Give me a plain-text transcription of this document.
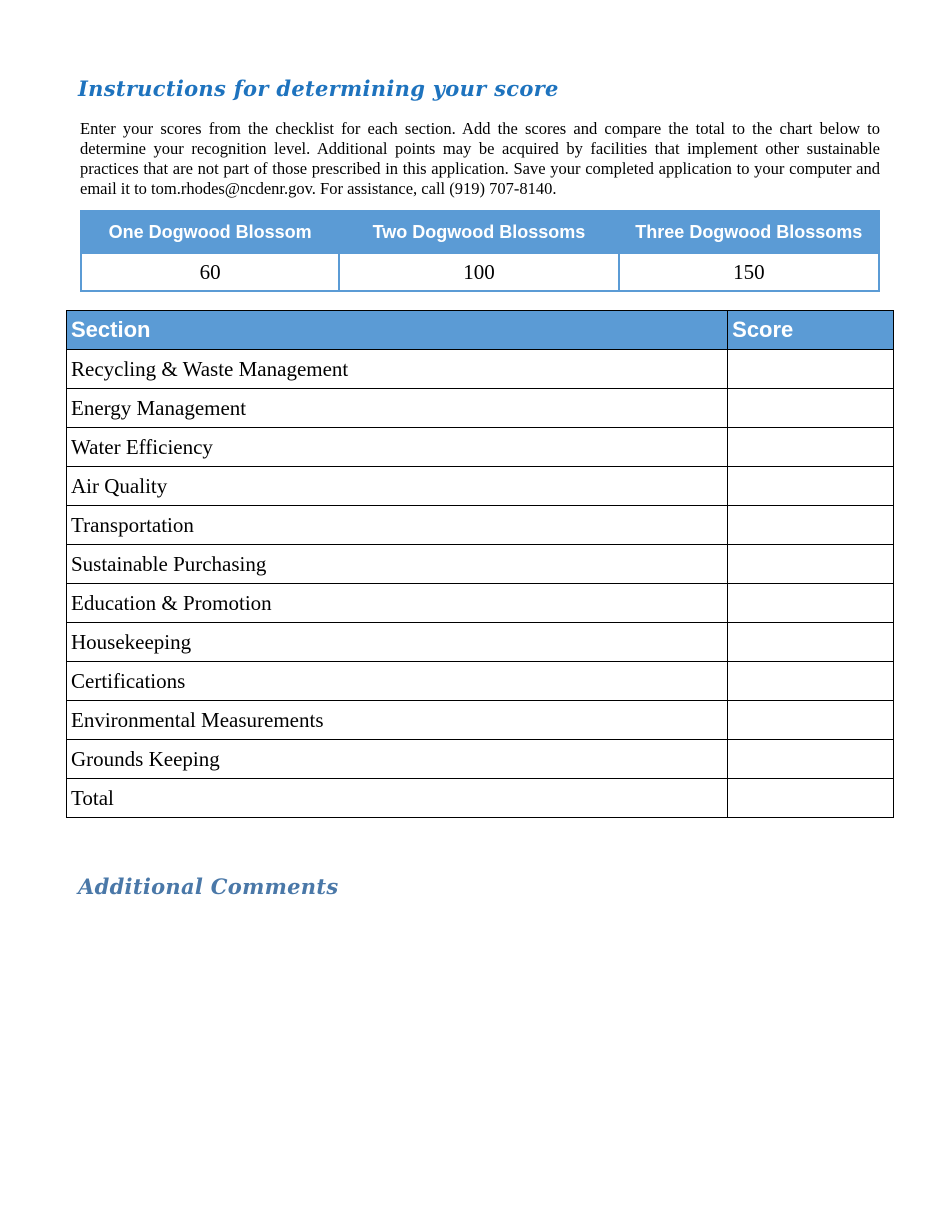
Instructions for determining your score

Enter your scores from the checklist for each section. Add the scores and compare the total to the chart below to determine your recognition level. Additional points may be acquired by facilities that implement other sustainable practices that are not part of those prescribed in this application. Save your completed application to your computer and email it to tom.rhodes@ncdenr.gov. For assistance, call (919) 707-8140.

One Dogwood Blossom	Two Dogwood Blossoms	Three Dogwood Blossoms
60	100	150
Section	Score
Recycling & Waste Management	
Energy Management	
Water Efficiency	
Air Quality	
Transportation	
Sustainable Purchasing	
Education & Promotion	
Housekeeping	
Certifications	
Environmental Measurements	
Grounds Keeping	
Total	
Additional Comments
